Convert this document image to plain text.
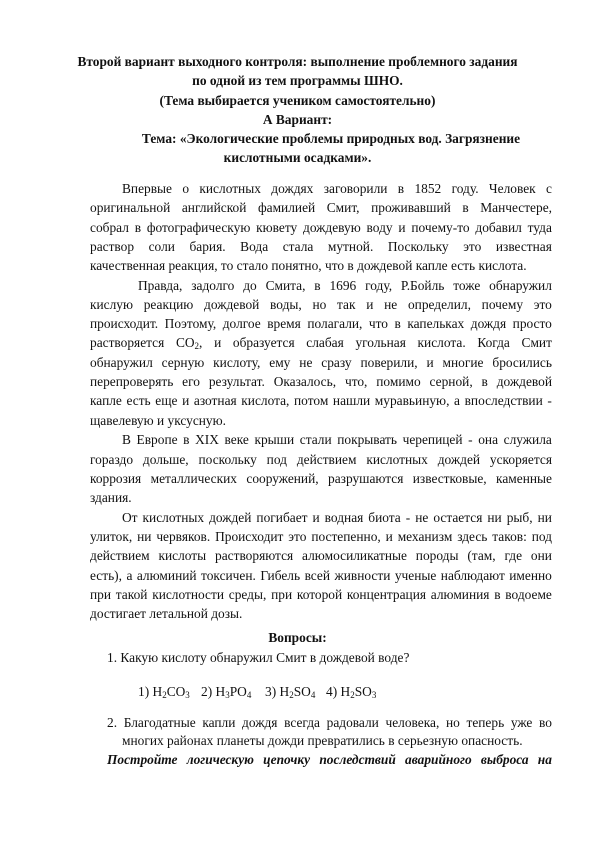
Второй вариант выходного контроля: выполнение проблемного задания
по одной из тем программы ШНО.
(Тема выбирается учеником самостоятельно)
А Вариант:
Тема: «Экологические проблемы природных вод. Загрязнение
кислотными осадками».
Впервые о кислотных дождях заговорили в 1852 году. Человек с
оригинальной английской фамилией Смит, проживавший в Манчестере,
собрал в фотографическую кювету дождевую воду и почему-то добавил туда
раствор соли бария. Вода стала мутной. Поскольку это известная
качественная реакция, то стало понятно, что в дождевой капле есть кислота.
Правда, задолго до Смита, в 1696 году, Р.Бойль тоже обнаружил
кислую реакцию дождевой воды, но так и не определил, почему это
происходит. Поэтому, долгое время полагали, что в капельках дождя просто
растворяется $CO_2$, и образуется слабая угольная кислота. Когда Смит
обнаружил серную кислоту, ему не сразу поверили, и многие бросились
перепроверять его результат. Оказалось, что, помимо серной, в дождевой
капле есть еще и азотная кислота, потом нашли муравьиную, а впоследствии -
щавелевую и уксусную.
В Европе в XIX веке крыши стали покрывать черепицей - она служила
гораздо дольше, поскольку под действием кислотных дождей ускоряется
коррозия металлических сооружений, разрушаются известковые, каменные
здания.
От кислотных дождей погибает и водная биота - не остается ни рыб, ни
улиток, ни червяков. Происходит это постепенно, и механизм здесь таков: под
действием кислоты растворяются алюмосиликатные породы (там, где они
есть), а алюминий токсичен. Гибель всей живности ученые наблюдают именно
при такой кислотности среды, при которой концентрация алюминия в водоеме
достигает летальной дозы.
Вопросы:
1. Какую кислоту обнаружил Смит в дождевой воде?
1) $H_2CO_3$ 2) $H_3PO_4$ 3) $H_2SO_4$ 4) $H_2SO_3$
2. Благодатные капли дождя всегда радовали человека, но теперь уже во
многих районах планеты дожди превратились в серьезную опасность.
Постройте логическую цепочку последствий аварийного выброса на
